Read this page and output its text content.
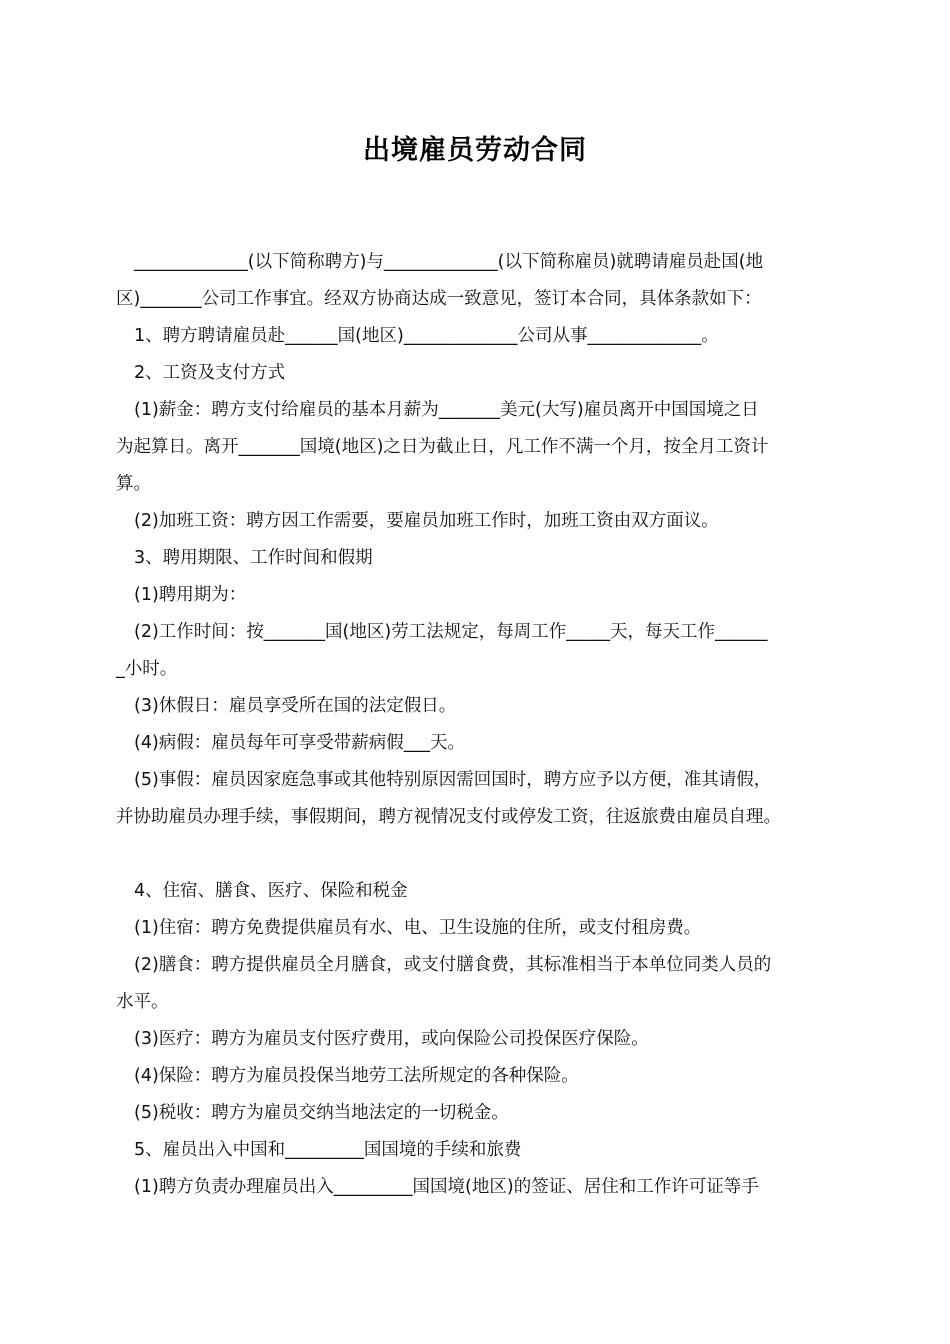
出境雇员劳动合同
_____________(以下简称聘方)与_____________(以下简称雇员)就聘请雇员赴国(地
区)_______公司工作事宜。经双方协商达成一致意见，签订本合同，具体条款如下：
1、聘方聘请雇员赴______国(地区)_____________公司从事_____________。
2、工资及支付方式
(1)薪金：聘方支付给雇员的基本月薪为_______美元(大写)雇员离开中国国境之日
为起算日。离开_______国境(地区)之日为截止日，凡工作不满一个月，按全月工资计
算。
(2)加班工资：聘方因工作需要，要雇员加班工作时，加班工资由双方面议。
3、聘用期限、工作时间和假期
(1)聘用期为：
(2)工作时间：按_______国(地区)劳工法规定，每周工作_____天，每天工作______
_小时。
(3)休假日：雇员享受所在国的法定假日。
(4)病假：雇员每年可享受带薪病假___天。
(5)事假：雇员因家庭急事或其他特别原因需回国时，聘方应予以方便，准其请假，
并协助雇员办理手续，事假期间，聘方视情况支付或停发工资，往返旅费由雇员自理。
4、住宿、膳食、医疗、保险和税金
(1)住宿：聘方免费提供雇员有水、电、卫生设施的住所，或支付租房费。
(2)膳食：聘方提供雇员全月膳食，或支付膳食费，其标准相当于本单位同类人员的
水平。
(3)医疗：聘方为雇员支付医疗费用，或向保险公司投保医疗保险。
(4)保险：聘方为雇员投保当地劳工法所规定的各种保险。
(5)税收：聘方为雇员交纳当地法定的一切税金。
5、雇员出入中国和_________国国境的手续和旅费
(1)聘方负责办理雇员出入_________国国境(地区)的签证、居住和工作许可证等手
